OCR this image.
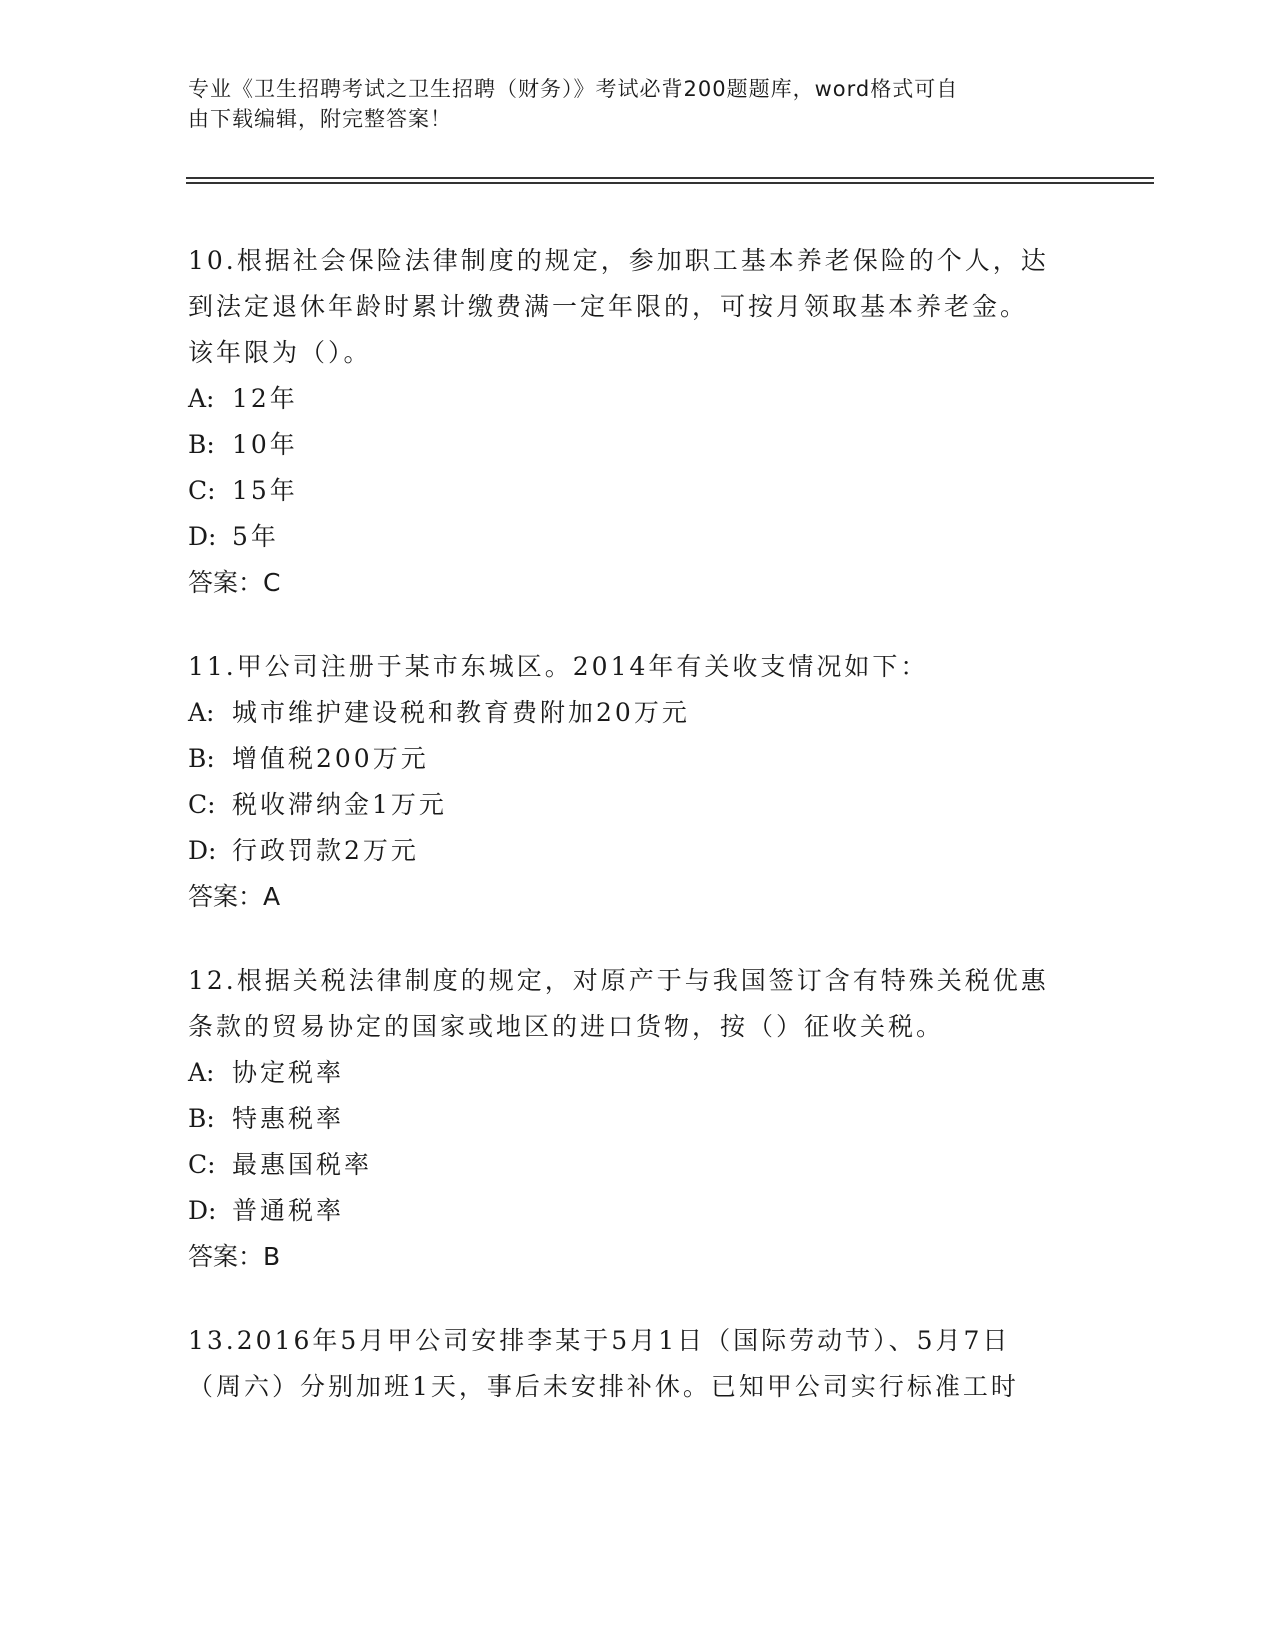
专业《卫生招聘考试之卫生招聘（财务）》考试必背200题题库，word格式可自
由下载编辑，附完整答案！
10.根据社会保险法律制度的规定，参加职工基本养老保险的个人，达
到法定退休年龄时累计缴费满一定年限的，可按月领取基本养老金。
该年限为（）。
A: 12年
B: 10年
C: 15年
D: 5年
答案：C
11.甲公司注册于某市东城区。2014年有关收支情况如下：
A: 城市维护建设税和教育费附加20万元
B: 增值税200万元
C: 税收滞纳金1万元
D: 行政罚款2万元
答案：A
12.根据关税法律制度的规定，对原产于与我国签订含有特殊关税优惠
条款的贸易协定的国家或地区的进口货物，按（）征收关税。
A: 协定税率
B: 特惠税率
C: 最惠国税率
D: 普通税率
答案：B
13.2016年5月甲公司安排李某于5月1日（国际劳动节）、5月7日
（周六）分别加班1天，事后未安排补休。已知甲公司实行标准工时
